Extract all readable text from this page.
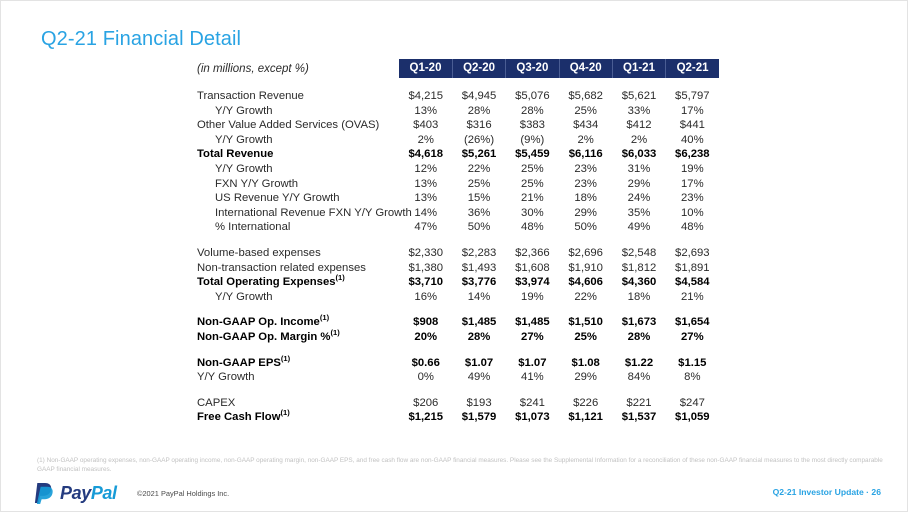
Q2-21 Financial Detail
(in millions, except %)
		Q1-20	Q2-20	Q3-20	Q4-20	Q1-21	Q2-21

Transaction Revenue	$4,215	$4,945	$5,076	$5,682	$5,621	$5,797
Y/Y Growth	13%	28%	28%	25%	33%	17%
Other Value Added Services (OVAS)	$403	$316	$383	$434	$412	$441
Y/Y Growth	2%	(26%)	(9%)	2%	2%	40%
Total Revenue	$4,618	$5,261	$5,459	$6,116	$6,033	$6,238
Y/Y Growth	12%	22%	25%	23%	31%	19%
FXN Y/Y Growth	13%	25%	25%	23%	29%	17%
US Revenue Y/Y Growth	13%	15%	21%	18%	24%	23%
International Revenue FXN Y/Y Growth	14%	36%	30%	29%	35%	10%
% International	47%	50%	48%	50%	49%	48%

Volume-based expenses	$2,330	$2,283	$2,366	$2,696	$2,548	$2,693
Non-transaction related expenses	$1,380	$1,493	$1,608	$1,910	$1,812	$1,891
Total Operating Expenses$^{(1)}$	$3,710	$3,776	$3,974	$4,606	$4,360	$4,584
Y/Y Growth	16%	14%	19%	22%	18%	21%

Non-GAAP Op. Income$^{(1)}$	$908	$1,485	$1,485	$1,510	$1,673	$1,654
Non-GAAP Op. Margin %$^{(1)}$	20%	28%	27%	25%	28%	27%

Non-GAAP EPS$^{(1)}$	$0.66	$1.07	$1.07	$1.08	$1.22	$1.15
Y/Y Growth	0%	49%	41%	29%	84%	8%

CAPEX	$206	$193	$241	$226	$221	$247
Free Cash Flow$^{(1)}$	$1,215	$1,579	$1,073	$1,121	$1,537	$1,059
(1) Non-GAAP operating expenses, non-GAAP operating income, non-GAAP operating margin, non-GAAP EPS, and free cash flow are non-GAAP financial measures. Please see the Supplemental Information for a reconciliation of these non-GAAP financial measures to the most directly comparable GAAP financial measures.
PayPal	©2021 PayPal Holdings Inc.	Q2-21 Investor Update · 26
